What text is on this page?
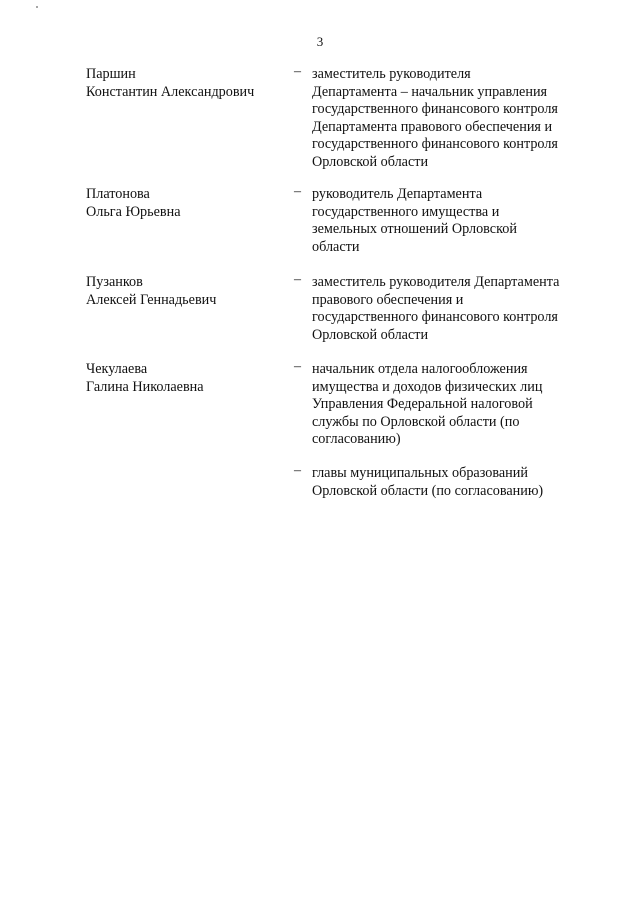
3
Паршин
Константин Александрович
– заместитель руководителя
Департамента – начальник управления
государственного финансового контроля
Департамента правового обеспечения и
государственного финансового контроля
Орловской области
Платонова
Ольга Юрьевна
– руководитель Департамента
государственного имущества и
земельных отношений Орловской
области
Пузанков
Алексей Геннадьевич
– заместитель руководителя Департамента
правового обеспечения и
государственного финансового контроля
Орловской области
Чекулаева
Галина Николаевна
– начальник отдела налогообложения
имущества и доходов физических лиц
Управления Федеральной налоговой
службы по Орловской области (по
согласованию)
– главы муниципальных образований
Орловской области (по согласованию)
